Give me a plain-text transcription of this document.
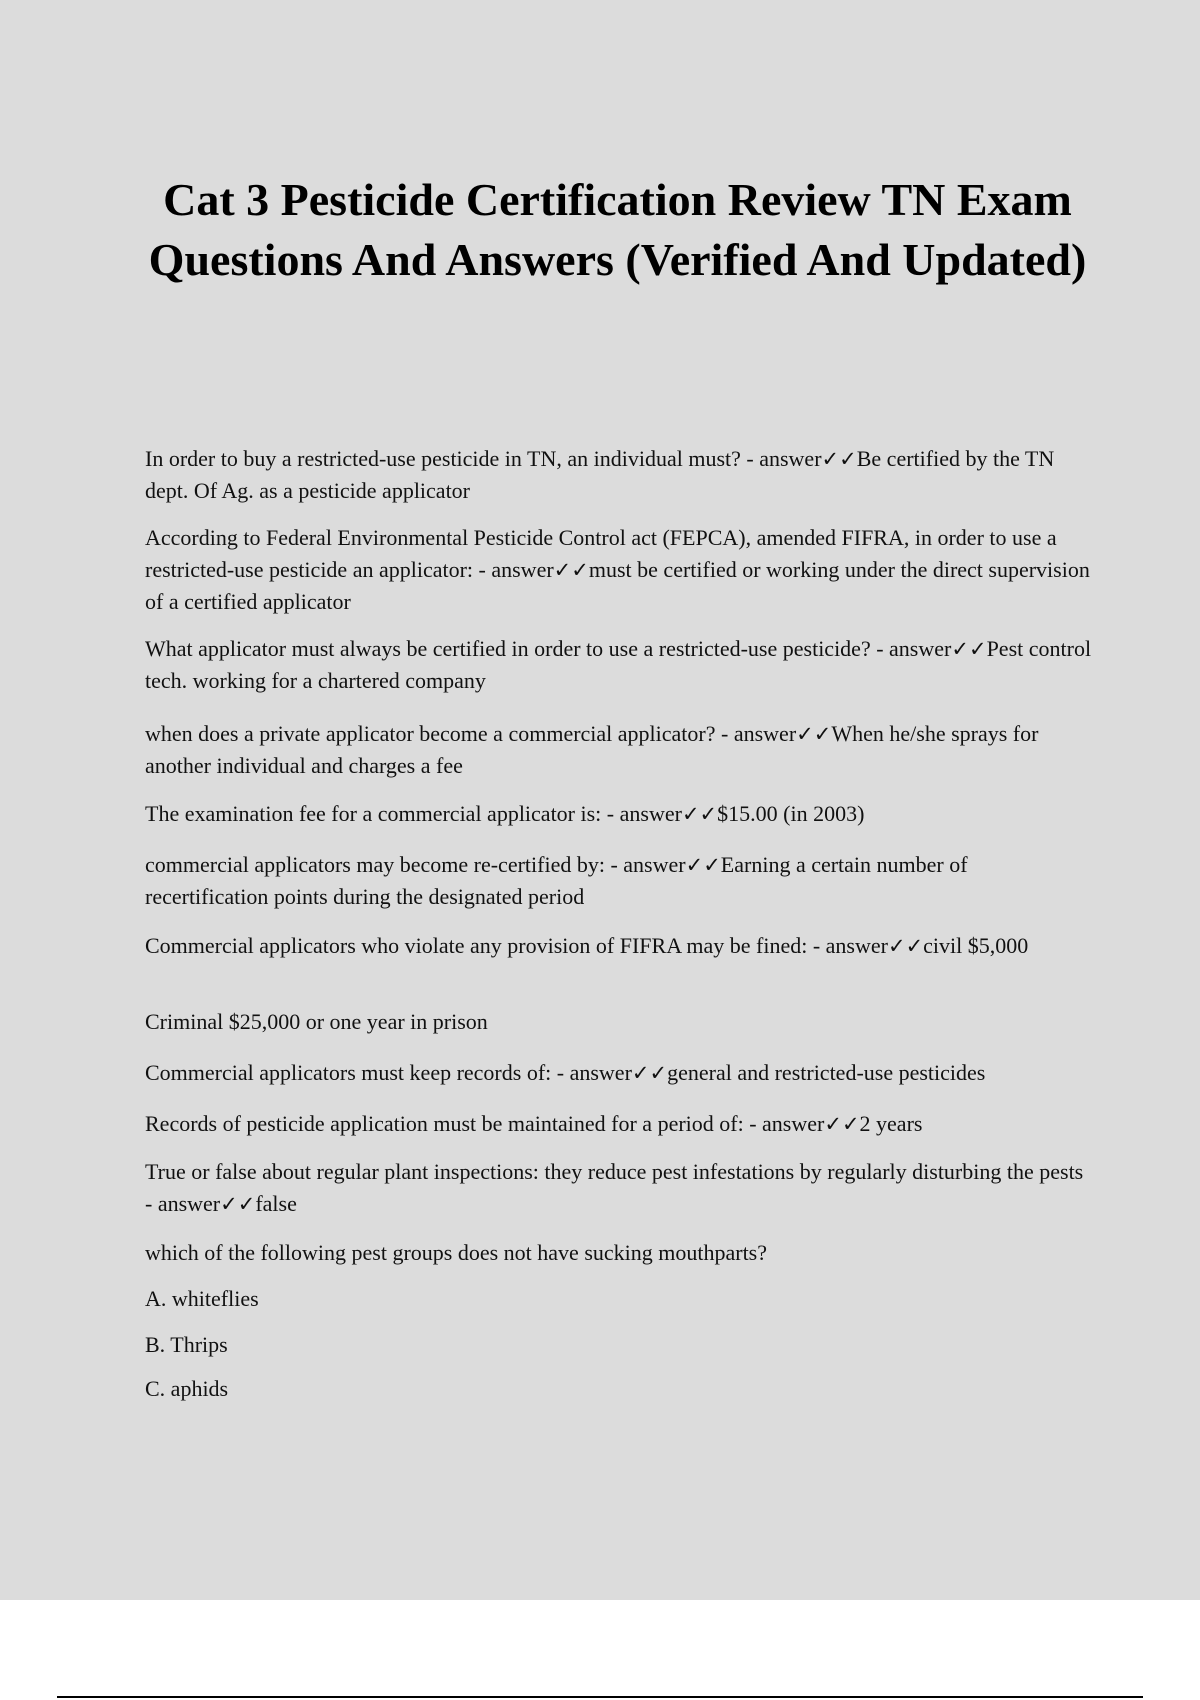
Cat 3 Pesticide Certification Review TN Exam Questions And Answers (Verified And Updated)

In order to buy a restricted-use pesticide in TN, an individual must? - answer✓✓Be certified by the TN dept. Of Ag. as a pesticide applicator

According to Federal Environmental Pesticide Control act (FEPCA), amended FIFRA, in order to use a restricted-use pesticide an applicator: - answer✓✓must be certified or working under the direct supervision of a certified applicator

What applicator must always be certified in order to use a restricted-use pesticide? - answer✓✓Pest control tech. working for a chartered company

when does a private applicator become a commercial applicator? - answer✓✓When he/she sprays for another individual and charges a fee

The examination fee for a commercial applicator is: - answer✓✓$15.00 (in 2003)

commercial applicators may become re-certified by: - answer✓✓Earning a certain number of recertification points during the designated period

Commercial applicators who violate any provision of FIFRA may be fined: - answer✓✓civil $5,000

Criminal $25,000 or one year in prison

Commercial applicators must keep records of: - answer✓✓general and restricted-use pesticides

Records of pesticide application must be maintained for a period of: - answer✓✓2 years

True or false about regular plant inspections: they reduce pest infestations by regularly disturbing the pests - answer✓✓false

which of the following pest groups does not have sucking mouthparts?

A. whiteflies

B. Thrips

C. aphids
